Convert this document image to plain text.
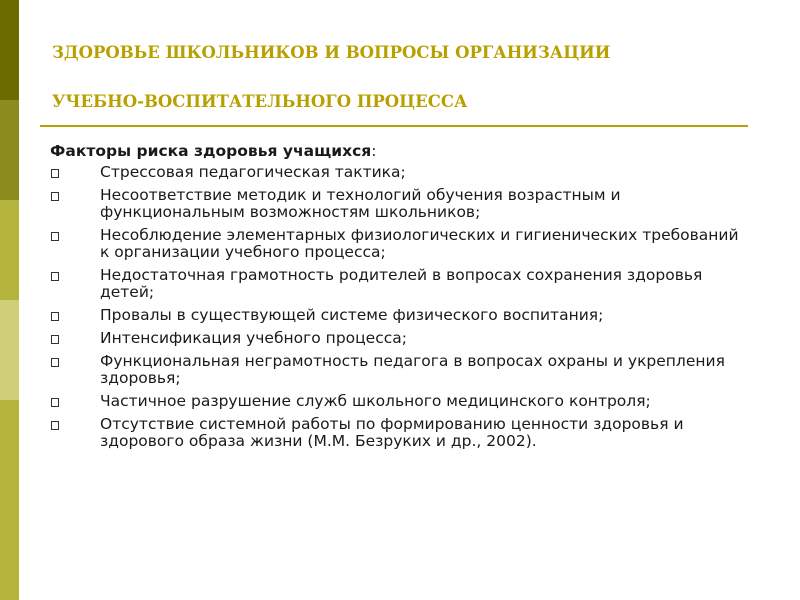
ЗДОРОВЬЕ ШКОЛЬНИКОВ И ВОПРОСЫ ОРГАНИЗАЦИИ
УЧЕБНО-ВОСПИТАТЕЛЬНОГО ПРОЦЕССА
Факторы риска здоровья учащихся:
Стрессовая педагогическая тактика;
Несоответствие методик и технологий обучения возрастным и функциональным возможностям школьников;
Несоблюдение элементарных физиологических и гигиенических требований к организации учебного процесса;
Недостаточная грамотность родителей в вопросах сохранения здоровья детей;
Провалы в существующей системе физического воспитания;
Интенсификация учебного процесса;
Функциональная неграмотность педагога в вопросах охраны и укрепления здоровья;
Частичное разрушение служб школьного медицинского контроля;
Отсутствие системной работы по формированию ценности здоровья и здорового образа жизни (М.М. Безруких и др., 2002).
